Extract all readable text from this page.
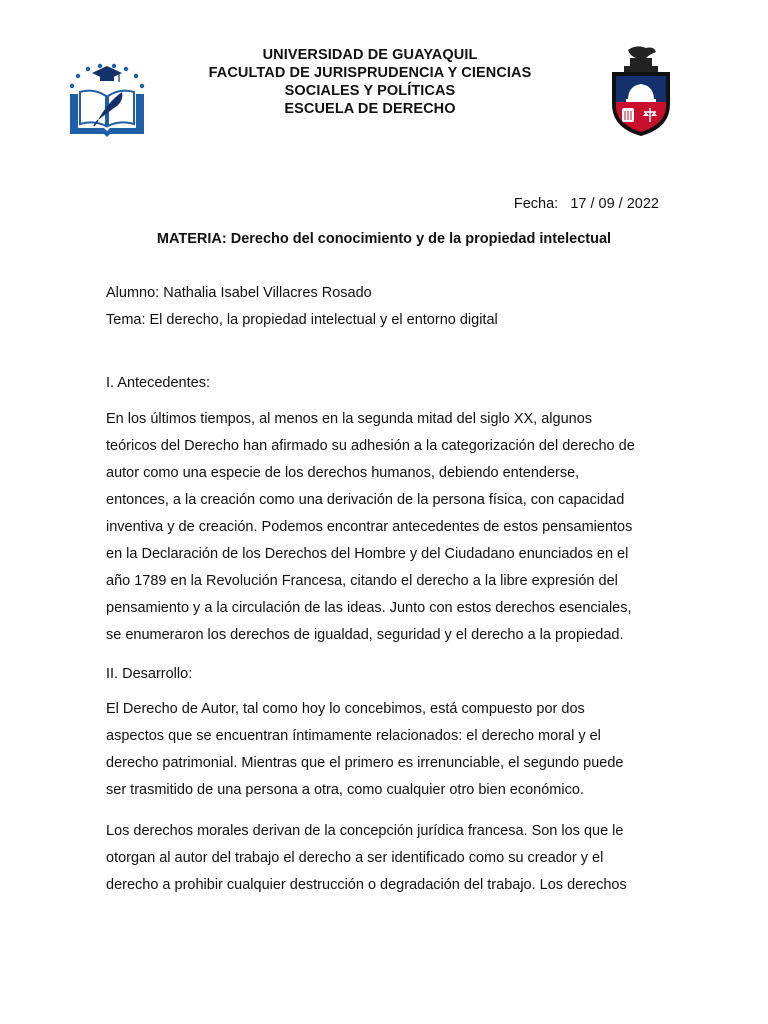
UNIVERSIDAD DE GUAYAQUIL
FACULTAD DE JURISPRUDENCIA Y CIENCIAS
SOCIALES Y POLÍTICAS
ESCUELA DE DERECHO
Fecha: 17 / 09 / 2022
MATERIA: Derecho del conocimiento y de la propiedad intelectual
Alumno: Nathalia Isabel Villacres Rosado
Tema: El derecho, la propiedad intelectual y el entorno digital
I. Antecedentes:
En los últimos tiempos, al menos en la segunda mitad del siglo XX, algunos
teóricos del Derecho han afirmado su adhesión a la categorización del derecho de
autor como una especie de los derechos humanos, debiendo entenderse,
entonces, a la creación como una derivación de la persona física, con capacidad
inventiva y de creación. Podemos encontrar antecedentes de estos pensamientos
en la Declaración de los Derechos del Hombre y del Ciudadano enunciados en el
año 1789 en la Revolución Francesa, citando el derecho a la libre expresión del
pensamiento y a la circulación de las ideas. Junto con estos derechos esenciales,
se enumeraron los derechos de igualdad, seguridad y el derecho a la propiedad.
II. Desarrollo:
El Derecho de Autor, tal como hoy lo concebimos, está compuesto por dos
aspectos que se encuentran íntimamente relacionados: el derecho moral y el
derecho patrimonial. Mientras que el primero es irrenunciable, el segundo puede
ser trasmitido de una persona a otra, como cualquier otro bien económico.
Los derechos morales derivan de la concepción jurídica francesa. Son los que le
otorgan al autor del trabajo el derecho a ser identificado como su creador y el
derecho a prohibir cualquier destrucción o degradación del trabajo. Los derechos
